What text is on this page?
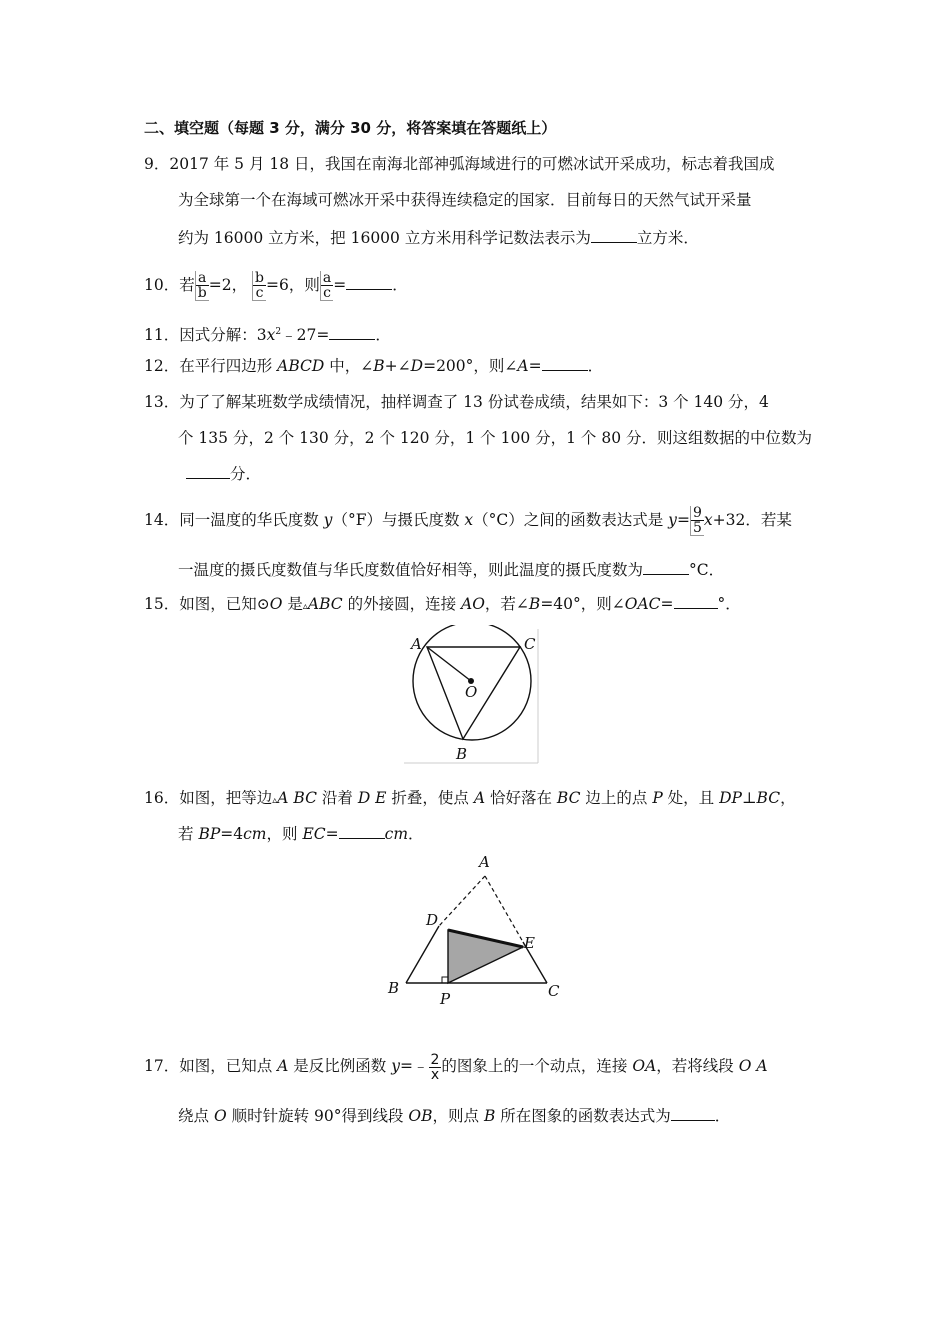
二、填空题（每题 3 分，满分 30 分，将答案填在答题纸上）
9．2017 年 5 月 18 日，我国在南海北部神弧海域进行的可燃冰试开采成功，标志着我国成
为全球第一个在海域可燃冰开采中获得连续稳定的国家．目前每日的天然气试开采量
约为 16000 立方米，把 16000 立方米用科学记数法表示为	立方米．
10．若 $\frac{a}{b} =2$， $\frac{b}{c} =6$，则 $\frac{a}{c}$ =	．
11．因式分解：$3x^2﹣27=$	．
12．在平行四边形 ABCD 中，∠B+∠D=200°，则∠A=	．
13．为了了解某班数学成绩情况，抽样调查了 13 份试卷成绩，结果如下：3 个 140 分，4
个 135 分，2 个 130 分，2 个 120 分，1 个 100 分，1 个 80 分．则这组数据的中位数为
分．
14．同一温度的华氏度数 y（°F）与摄氏度数 x（°C）之间的函数表达式是 $y= \frac{9}{5} x+32$．若某
一温度的摄氏度数值与华氏度数值恰好相等，则此温度的摄氏度数为	°C．
15．如图，已知⊙O 是▵ABC 的外接圆，连接 AO，若∠B=40°，则∠OAC=	°．
A	C
O
B
16．如图，把等边▵A BC 沿着 D E 折叠，使点 A 恰好落在 BC 边上的点 P 处，且 DP⊥BC，
若 BP=4cm，则 EC=	cm．
A
D
E
B
P	C
17．如图，已知点 A 是反比例函数 y=﹣ $\frac{2}{x}$ 的图象上的一个动点，连接 OA，若将线段 O A
绕点 O 顺时针旋转 90°得到线段 OB，则点 B 所在图象的函数表达式为	．
